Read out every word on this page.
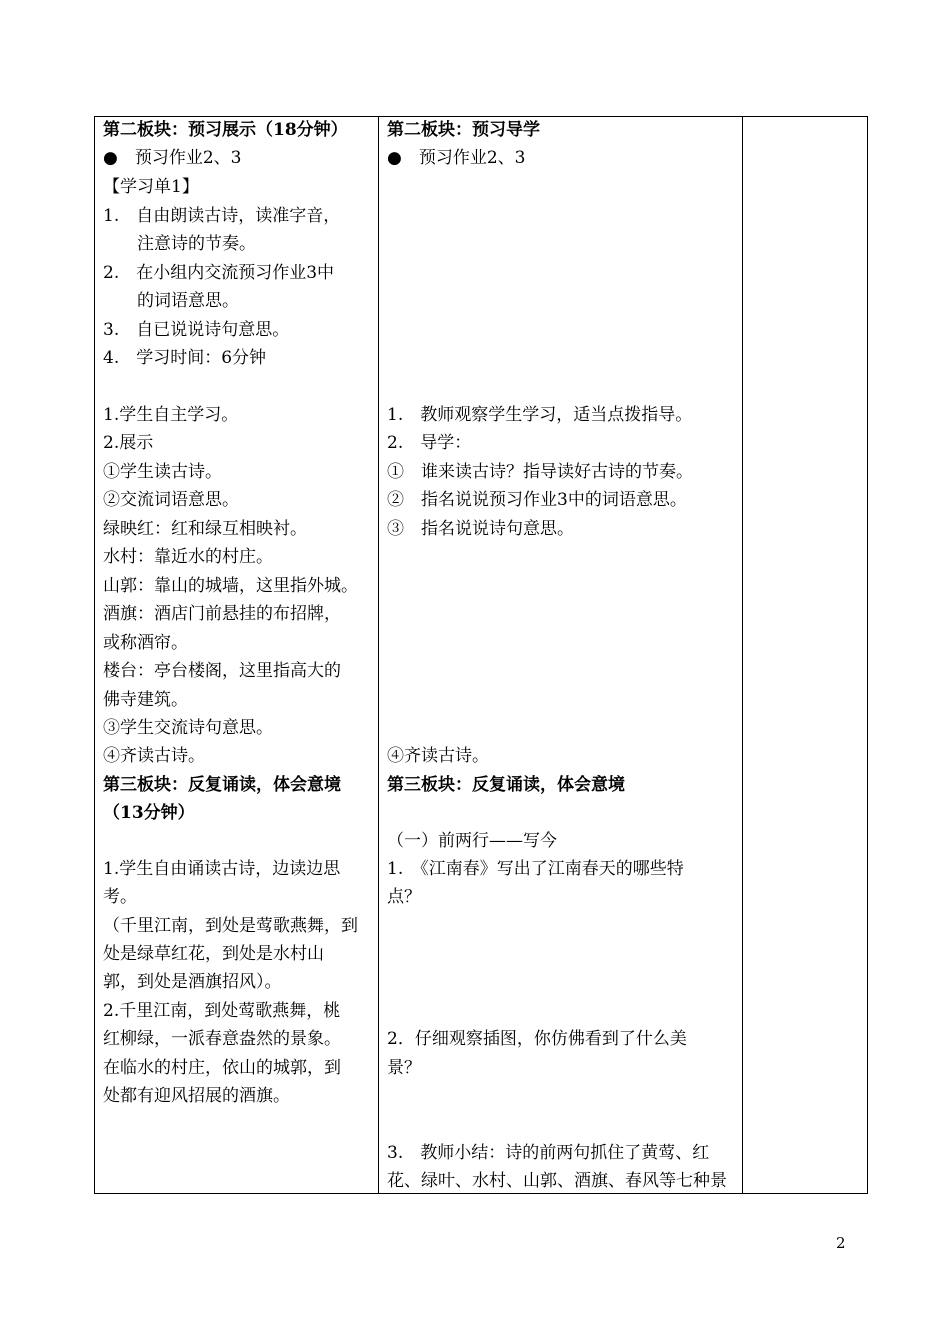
第二板块：预习展示（18分钟）
●　预习作业2、3
【学习单1】
1.　自由朗读古诗，读准字音，
　　注意诗的节奏。
2.　在小组内交流预习作业3中
　　的词语意思。
3.　自已说说诗句意思。
4.　学习时间：6分钟
1.学生自主学习。
2.展示
①学生读古诗。
②交流词语意思。
绿映红：红和绿互相映衬。
水村：靠近水的村庄。
山郭：靠山的城墙，这里指外城。
酒旗：酒店门前悬挂的布招牌，
或称酒帘。
楼台：亭台楼阁，这里指高大的
佛寺建筑。
③学生交流诗句意思。
④齐读古诗。
第三板块：反复诵读，体会意境
（13分钟）
1.学生自由诵读古诗，边读边思
考。
（千里江南，到处是莺歌燕舞，到
处是绿草红花，到处是水村山
郭，到处是酒旗招风）。
2.千里江南，到处莺歌燕舞，桃
红柳绿，一派春意盎然的景象。
在临水的村庄，依山的城郭，到
处都有迎风招展的酒旗。
第二板块：预习导学
●　预习作业2、3
1.　教师观察学生学习，适当点拨指导。
2.　导学：
①　谁来读古诗？指导读好古诗的节奏。
②　指名说说预习作业3中的词语意思。
③　指名说说诗句意思。
④齐读古诗。
第三板块：反复诵读，体会意境
（一）前两行——写今
1.　《江南春》写出了江南春天的哪些特
点？
2．仔细观察插图，你仿佛看到了什么美
景？
3.　教师小结：诗的前两句抓住了黄莺、红
花、绿叶、水村、山郭、酒旗、春风等七种景
2
